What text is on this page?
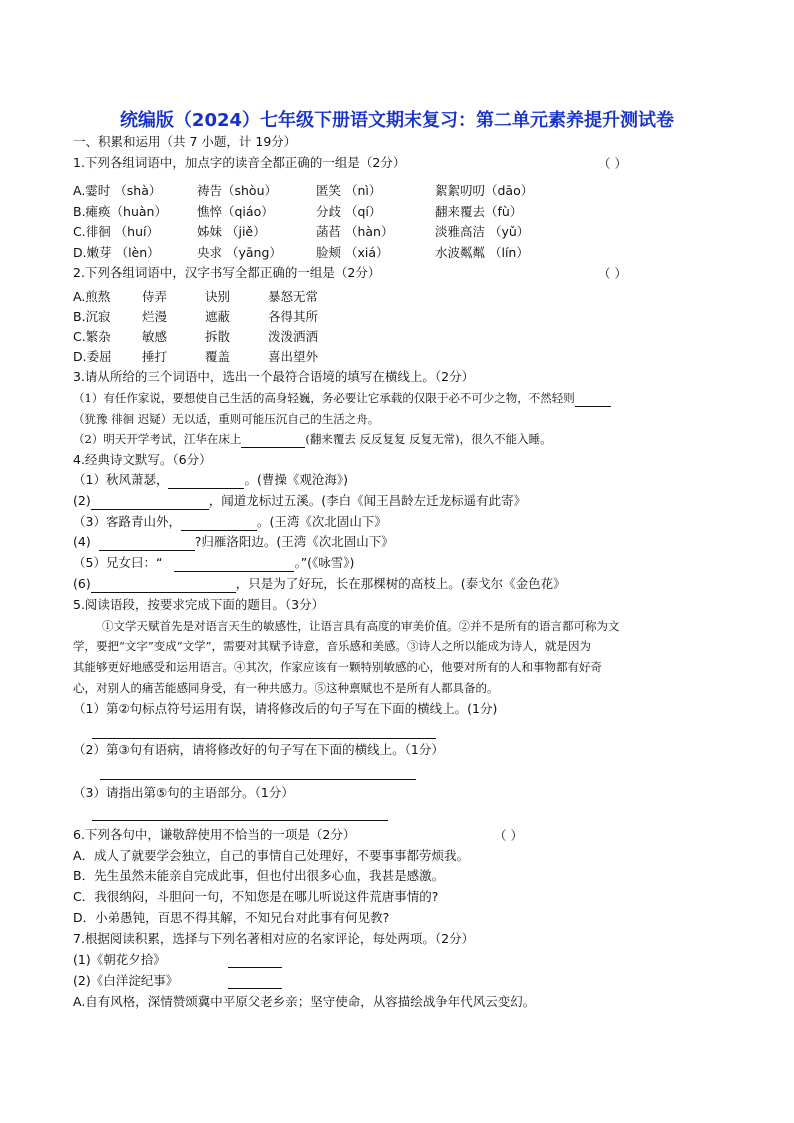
统编版（2024）七年级下册语文期末复习：第二单元素养提升测试卷
一、积累和运用（共 7 小题，计 19分）
1.下列各组词语中，加点字的读音全都正确的一组是（2分）	（ ）
A.霎时 （shà）	祷告（shòu）	匿笑 （nì）	絮絮叨叨（dāo）
B.瘫痪（huàn） 憔悴（qiáo）	分歧 （qí）	翻来覆去（fù）
C.徘徊 （huí）	姊妹 （jiě）	菡萏 （hàn）	淡雅高洁 （yǔ）
D.嫩芽 （lèn）	央求 （yāng）	脸颊 （xiá）	水波粼粼 （lín）
2.下列各组词语中，汉字书写全都正确的一组是（2分）	（ ）
A.煎熬	侍弄	诀别	暴怒无常
B.沉寂	烂漫	遮蔽	各得其所
C.繁杂	敏感	拆散	泼泼洒洒
D.委屈 捶打	覆盖	喜出望外
3.请从所给的三个词语中，选出一个最符合语境的填写在横线上。（2分）
（1）有任作家说，要想使自己生活的高身轻巍，务必要让它承载的仅限于必不可少之物，不然轻则
（犹豫 徘徊 迟疑）无以适，重则可能压沉自己的生活之舟。
（2）明天开学考试，江华在床上	(翻来覆去 反反复复 反复无常)，很久不能入睡。
4.经典诗文默写。（6分）
（1）秋风萧瑟，	。(曹操《观沧海》)
(2)	，闻道龙标过五溪。(李白《闻王昌龄左迁龙标遥有此寄》
（3）客路青山外，	。(王湾《次北固山下》
(4)	?归雁洛阳边。(王湾《次北固山下》
（5）兄女曰：“	。”(《咏雪》)
(6)	，只是为了好玩，长在那棵树的高枝上。(泰戈尔《金色花》
5.阅读语段，按要求完成下面的题目。（3分）
①文学天赋首先是对语言天生的敏感性，让语言具有高度的审美价值。②并不是所有的语言都可称为文
学，要把“文字”变成“文学”，需要对其赋予诗意，音乐感和美感。③诗人之所以能成为诗人，就是因为
其能够更好地感受和运用语言。④其次，作家应该有一颗特别敏感的心，他要对所有的人和事物都有好奇
心，对别人的痛苦能感同身受，有一种共感力。⑤这种禀赋也不是所有人都具备的。
（1）第②句标点符号运用有误，请将修改后的句子写在下面的横线上。(1分)
（2）第③句有语病，请将修改好的句子写在下面的横线上。（1分）
（3）请指出第⑤句的主语部分。（1分）
6.下列各句中，谦敬辞使用不恰当的一项是（2分）	（ ）
A．成人了就要学会独立，自己的事情自己处理好，不要事事都劳烦我。
B．先生虽然未能亲自完成此事，但也付出很多心血，我甚是感激。
C．我很纳闷，斗胆问一句，不知您是在哪儿听说这件荒唐事情的?
D．小弟愚钝，百思不得其解，不知兄台对此事有何见教?
7.根据阅读积累，选择与下列名著相对应的名家评论，每处两项。（2分）
(1)《朝花夕拾》
(2)《白洋淀纪事》
A.自有风格，深情赞颂冀中平原父老乡亲；坚守使命，从容描绘战争年代风云变幻。
